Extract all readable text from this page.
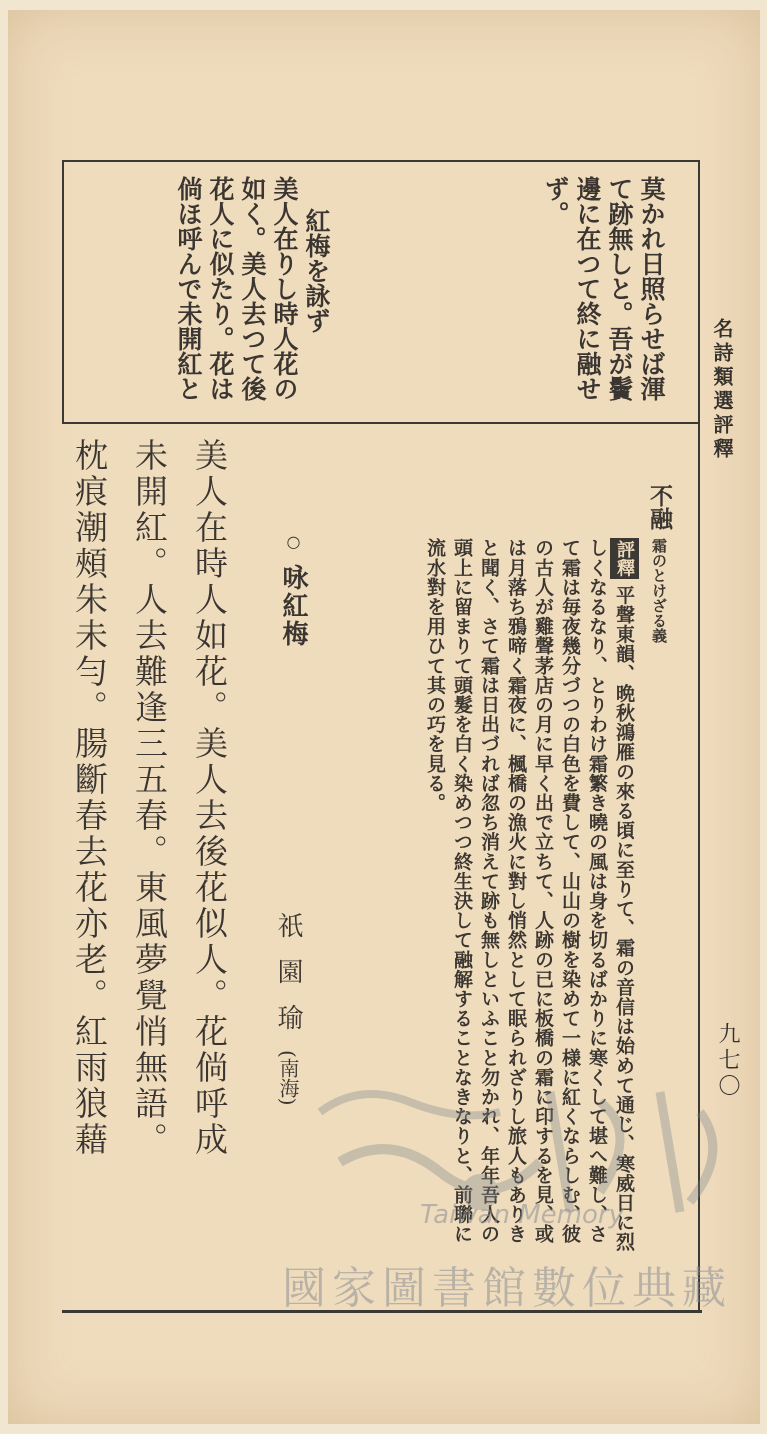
名詩類選評釋
九七〇
莫かれ日照らせば渾
て跡無しと。吾が鬢
邊に在つて終に融せ
ず。
紅梅を詠ず
美人在りし時人花の
如く。美人去つて後
花人に似たり。花は
倘ほ呼んで未開紅と
不融 霜のとけざる義
評釋平聲東韻、晩秋鴻雁の來る頃に至りて、霜の音信は始めて通じ、寒威日に烈
しくなるなり、とりわけ霜繁き曉の風は身を切るばかりに寒くして堪へ難し、さ
て霜は毎夜幾分づつの白色を費して、山山の樹を染めて一様に紅くならしむ、彼
の古人が雞聲茅店の月に早く出で立ちて、人跡の已に板橋の霜に印するを見、或
は月落ち鴉啼く霜夜に、楓橋の漁火に對し悄然として眠られざりし旅人もありき
と聞く、さて霜は日出づれば忽ち消えて跡も無しといふこと勿かれ、年年吾人の
頭上に留まりて頭髮を白く染めつつ終生決して融解することなきなりと、前聯に
流水對を用ひて其の巧を見る。
○ 咏紅梅
祇園瑜(南海)
美人在時人如花。美人去後花似人。花倘呼成
未開紅。人去難逢三五春。東風夢覺悄無語。
枕痕潮頰朱未勻。腸斷春去花亦老。紅雨狼藉
Taiwan Memory
國家圖書館數位典藏
